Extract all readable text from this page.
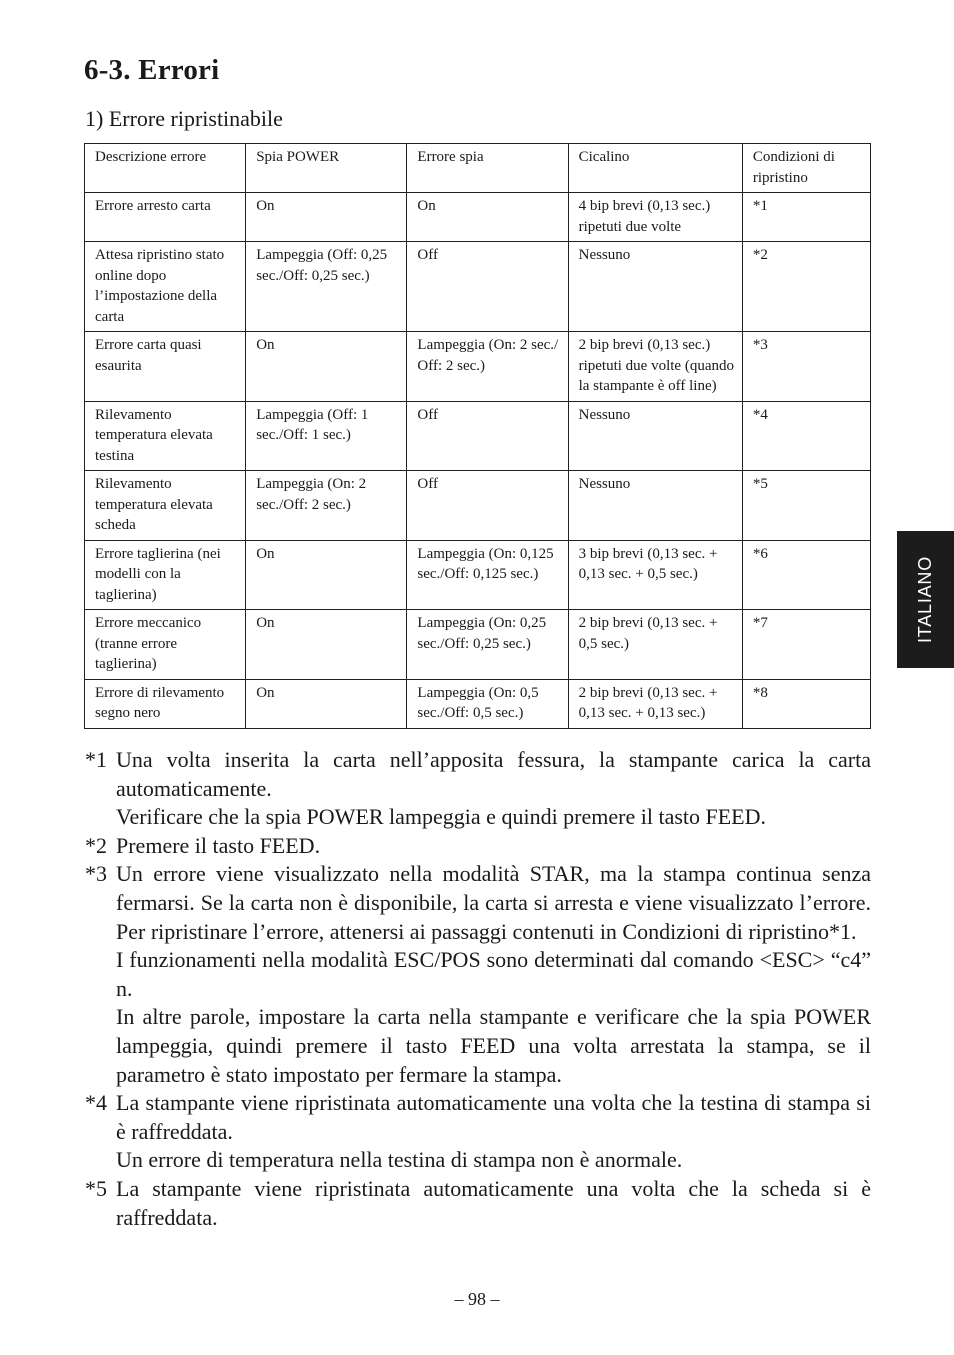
6-3. Errori
1) Errore ripristinabile
Descrizione errore	Spia POWER	Errore spia	Cicalino	Condizioni di ripristino
Errore arresto carta	On	On	4 bip brevi (0,13 sec.) ripetuti due volte	*1
Attesa ripristino stato online dopo l’impostazione della carta	Lampeggia (Off: 0,25 sec./Off: 0,25 sec.)	Off	Nessuno	*2
Errore carta quasi esaurita	On	Lampeggia (On: 2 sec./ Off: 2 sec.)	2 bip brevi (0,13 sec.) ripetuti due volte (quando la stampante è off line)	*3
Rilevamento temperatura elevata testina	Lampeggia (Off: 1 sec./Off: 1 sec.)	Off	Nessuno	*4
Rilevamento temperatura elevata scheda	Lampeggia (On: 2 sec./Off: 2 sec.)	Off	Nessuno	*5
Errore taglierina (nei modelli con la taglierina)	On	Lampeggia (On: 0,125 sec./Off: 0,125 sec.)	3 bip brevi (0,13 sec. + 0,13 sec. + 0,5 sec.)	*6
Errore meccanico (tranne errore taglierina)	On	Lampeggia (On: 0,25 sec./Off: 0,25 sec.)	2 bip brevi (0,13 sec. + 0,5 sec.)	*7
Errore di rilevamento segno nero	On	Lampeggia (On: 0,5 sec./Off: 0,5 sec.)	2 bip brevi (0,13 sec. + 0,13 sec. + 0,13 sec.)	*8
*1 Una volta inserita la carta nell’apposita fessura, la stampante carica la carta automaticamente.

Verificare che la spia POWER lampeggia e quindi premere il tasto FEED.

*2 Premere il tasto FEED.

*3 Un errore viene visualizzato nella modalità STAR, ma la stampa continua senza fermarsi. Se la carta non è disponibile, la carta si arresta e viene visualizzato l’errore. Per ripristinare l’errore, attenersi ai passaggi contenuti in Condizioni di ripristino*1.

I funzionamenti nella modalità ESC/POS sono determinati dal comando <ESC> “c4” n.

In altre parole, impostare la carta nella stampante e verificare che la spia POWER lampeggia, quindi premere il tasto FEED una volta arrestata la stampa, se il parametro è stato impostato per fermare la stampa.

*4 La stampante viene ripristinata automaticamente una volta che la testina di stampa si è raffreddata.

Un errore di temperatura nella testina di stampa non è anormale.

*5 La stampante viene ripristinata automaticamente una volta che la scheda si è raffreddata.

ITALIANO
– 98 –
